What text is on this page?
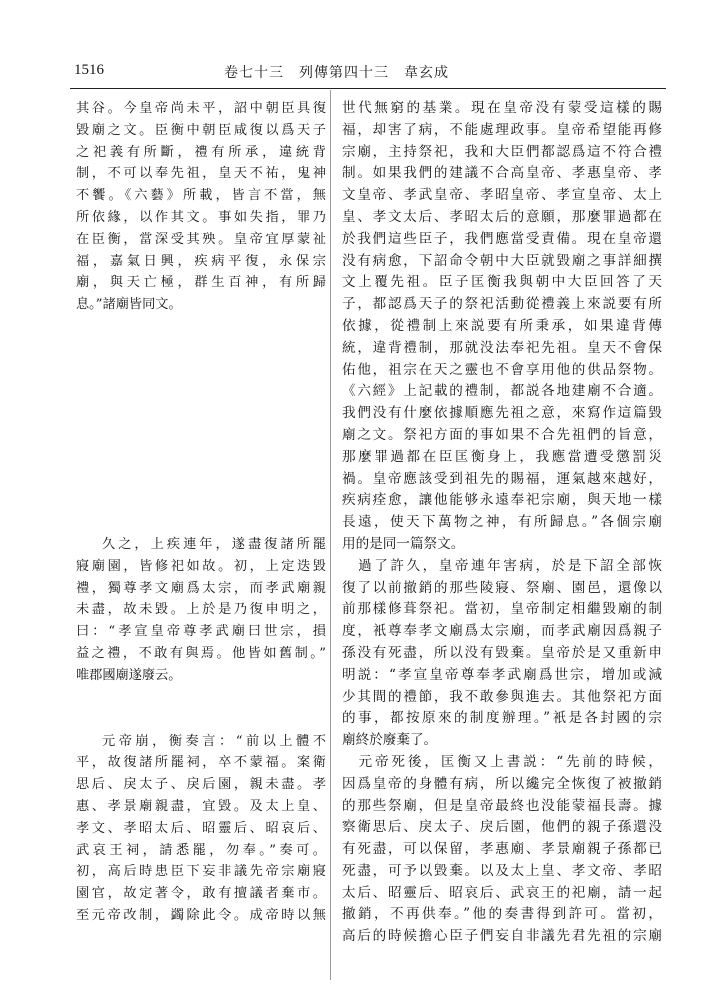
1516	卷七十三　列傳第四十三　韋玄成
其谷。今皇帝尚未平，詔中朝臣具復
毀廟之文。臣衡中朝臣咸復以爲天子
之祀義有所斷，禮有所承，違統背
制，不可以奉先祖，皇天不祐，鬼神
不饗。《六藝》所載，皆言不當，無
所依緣，以作其文。事如失指，罪乃
在臣衡，當深受其殃。皇帝宜厚蒙祉
福，嘉氣日興，疾病平復，永保宗
廟，與天亡極，群生百神，有所歸
息。”諸廟皆同文。
久之，上疾連年，遂盡復諸所罷
寢廟園，皆修祀如故。初，上定迭毀
禮，獨尊孝文廟爲太宗，而孝武廟親
未盡，故未毀。上於是乃復申明之，
曰：“孝宣皇帝尊孝武廟曰世宗，損
益之禮，不敢有與焉。他皆如舊制。”
唯郡國廟遂廢云。
元帝崩，衡奏言：“前以上體不
平，故復諸所罷祠，卒不蒙福。案衛
思后、戾太子、戾后園，親未盡。孝
惠、孝景廟親盡，宜毀。及太上皇、
孝文、孝昭太后、昭靈后、昭哀后、
武哀王祠，請悉罷，勿奉。”奏可。
初，高后時患臣下妄非議先帝宗廟寢
園官，故定著令，敢有擅議者棄市。
至元帝改制，蠲除此令。成帝時以無
世代無窮的基業。現在皇帝没有蒙受這樣的賜
福，却害了病，不能處理政事。皇帝希望能再修
宗廟，主持祭祀，我和大臣們都認爲這不符合禮
制。如果我們的建議不合高皇帝、孝惠皇帝、孝
文皇帝、孝武皇帝、孝昭皇帝、孝宣皇帝、太上
皇、孝文太后、孝昭太后的意願，那麼罪過都在
於我們這些臣子，我們應當受責備。現在皇帝還
没有病愈，下詔命令朝中大臣就毀廟之事詳細撰
文上覆先祖。臣子匡衡我與朝中大臣回答了天
子，都認爲天子的祭祀活動從禮義上來説要有所
依據，從禮制上來説要有所秉承，如果違背傳
統，違背禮制，那就没法奉祀先祖。皇天不會保
佑他，祖宗在天之靈也不會享用他的供品祭物。
《六經》上記載的禮制，都説各地建廟不合適。
我們没有什麼依據順應先祖之意，來寫作這篇毀
廟之文。祭祀方面的事如果不合先祖們的旨意，
那麼罪過都在臣匡衡身上，我應當遭受懲罰災
禍。皇帝應該受到祖先的賜福，運氣越來越好，
疾病痊愈，讓他能够永遠奉祀宗廟，與天地一樣
長遠，使天下萬物之神，有所歸息。”各個宗廟
用的是同一篇祭文。
　過了許久，皇帝連年害病，於是下詔全部恢
復了以前撤銷的那些陵寢、祭廟、園邑，還像以
前那樣修葺祭祀。當初，皇帝制定相繼毀廟的制
度，衹尊奉孝文廟爲太宗廟，而孝武廟因爲親子
孫没有死盡，所以没有毀棄。皇帝於是又重新申
明説：“孝宣皇帝尊奉孝武廟爲世宗，增加或減
少其間的禮節，我不敢參與進去。其他祭祀方面
的事，都按原來的制度辦理。”衹是各封國的宗
廟終於廢棄了。
　元帝死後，匡衡又上書説：“先前的時候，
因爲皇帝的身體有病，所以纔完全恢復了被撤銷
的那些祭廟，但是皇帝最終也没能蒙福長壽。據
察衛思后、戾太子、戾后園，他們的親子孫還没
有死盡，可以保留，孝惠廟、孝景廟親子孫都已
死盡，可予以毀棄。以及太上皇、孝文帝、孝昭
太后、昭靈后、昭哀后、武哀王的祀廟，請一起
撤銷，不再供奉。”他的奏書得到許可。當初，
高后的時候擔心臣子們妄自非議先君先祖的宗廟
